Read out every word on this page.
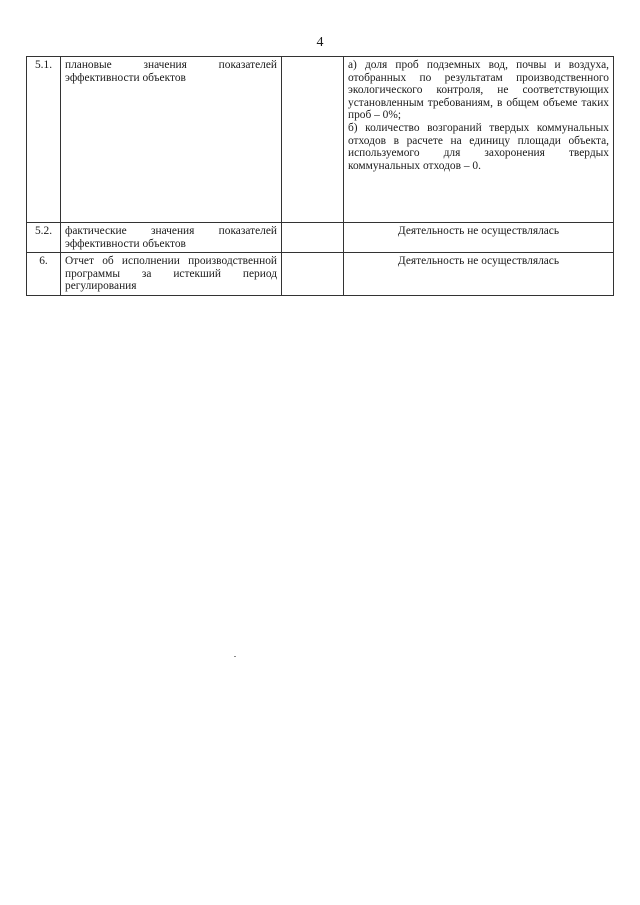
4
5.1.	плановые значения показателей эффективности объектов		а) доля проб подземных вод, почвы и воздуха, отобранных по результатам производственного экологического контроля, не соответствующих установленным требованиям, в общем объеме таких проб – 0%;
б) количество возгораний твердых коммунальных отходов в расчете на единицу площади объекта, используемого для захоронения твердых коммунальных отходов – 0.

5.2.	фактические значения показателей эффективности объектов		Деятельность не осуществлялась
6.	Отчет об исполнении производственной программы за истекший период регулирования		Деятельность не осуществлялась
